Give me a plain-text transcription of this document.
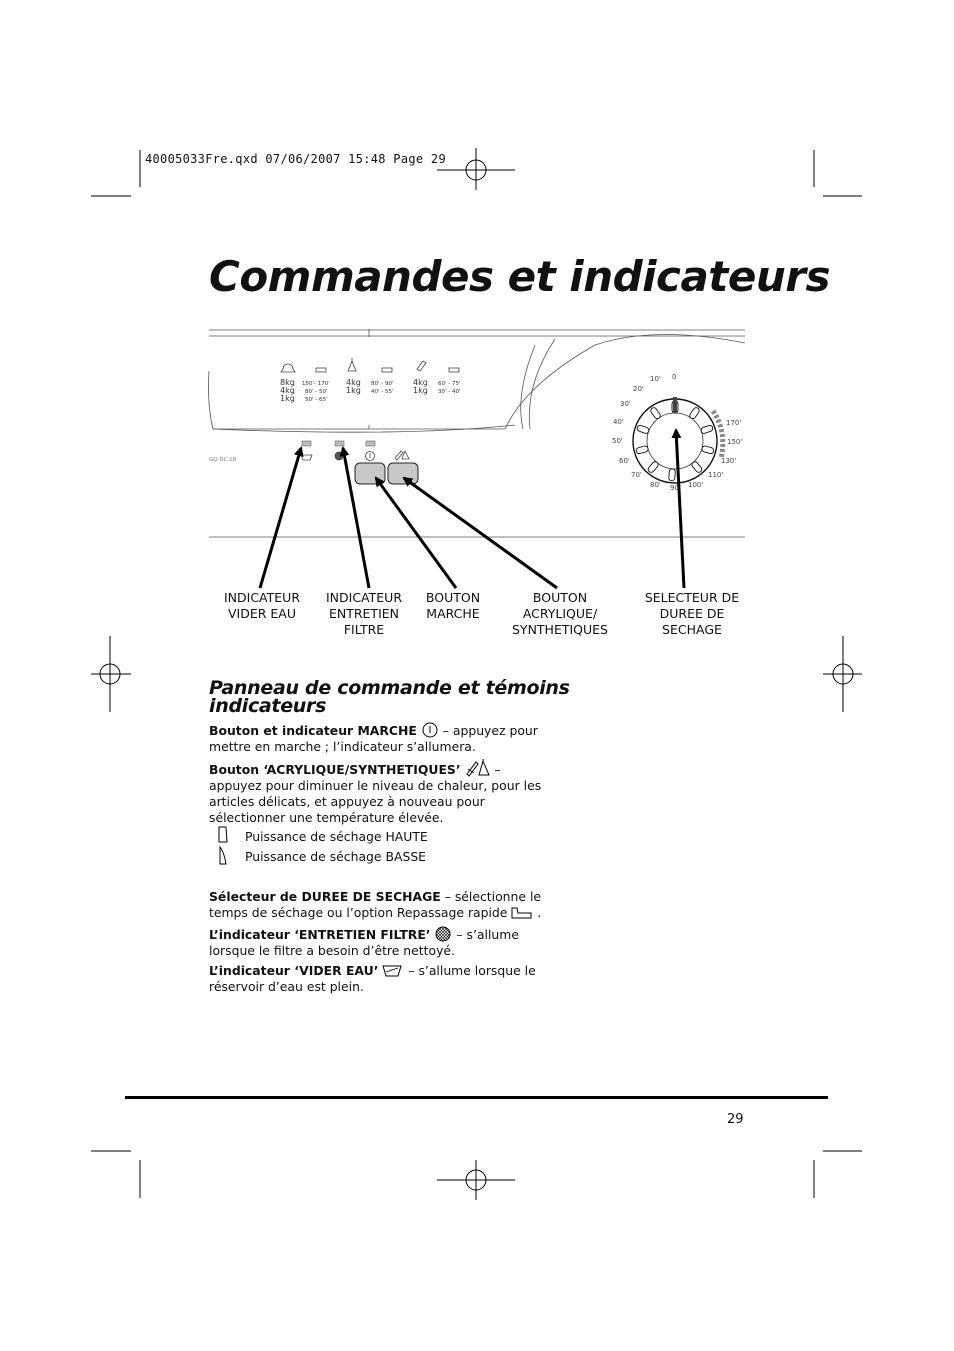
40005033Fre.qxd 07/06/2007 15:48 Page 29
Commandes et indicateurs
8kg
4kg
1kg
150'- 170'
80' - 50'
50' - 65'
4kg
1kg
80' - 90'
40' - 55'
4kg
1kg
60' - 75'
30' - 40'
GO DC 18
10'
20'
30'
40'
50'
60'
70'
80' 90'
0
170'
150'
130'
110'
100'
INDICATEUR
VIDER EAU
INDICATEUR
ENTRETIEN
FILTRE
BOUTON
MARCHE
BOUTON
ACRYLIQUE/
SYNTHETIQUES
SELECTEUR DE
DUREE DE
SECHAGE
Panneau de commande et témoins indicateurs
Bouton et indicateur MARCHE – appuyez pour mettre en marche ; l’indicateur s’allumera.
Bouton ‘ACRYLIQUE/SYNTHETIQUES’	– appuyez pour diminuer le niveau de chaleur, pour les articles délicats, et appuyez à nouveau pour sélectionner une température élevée.
Puissance de séchage HAUTE
Puissance de séchage BASSE
Sélecteur de DUREE DE SECHAGE – sélectionne le temps de séchage ou l’option Repassage rapide .
L’indicateur ‘ENTRETIEN FILTRE’ – s’allume lorsque le filtre a besoin d’être nettoyé.
L’indicateur ‘VIDER EAU’ – s’allume lorsque le réservoir d’eau est plein.
29
